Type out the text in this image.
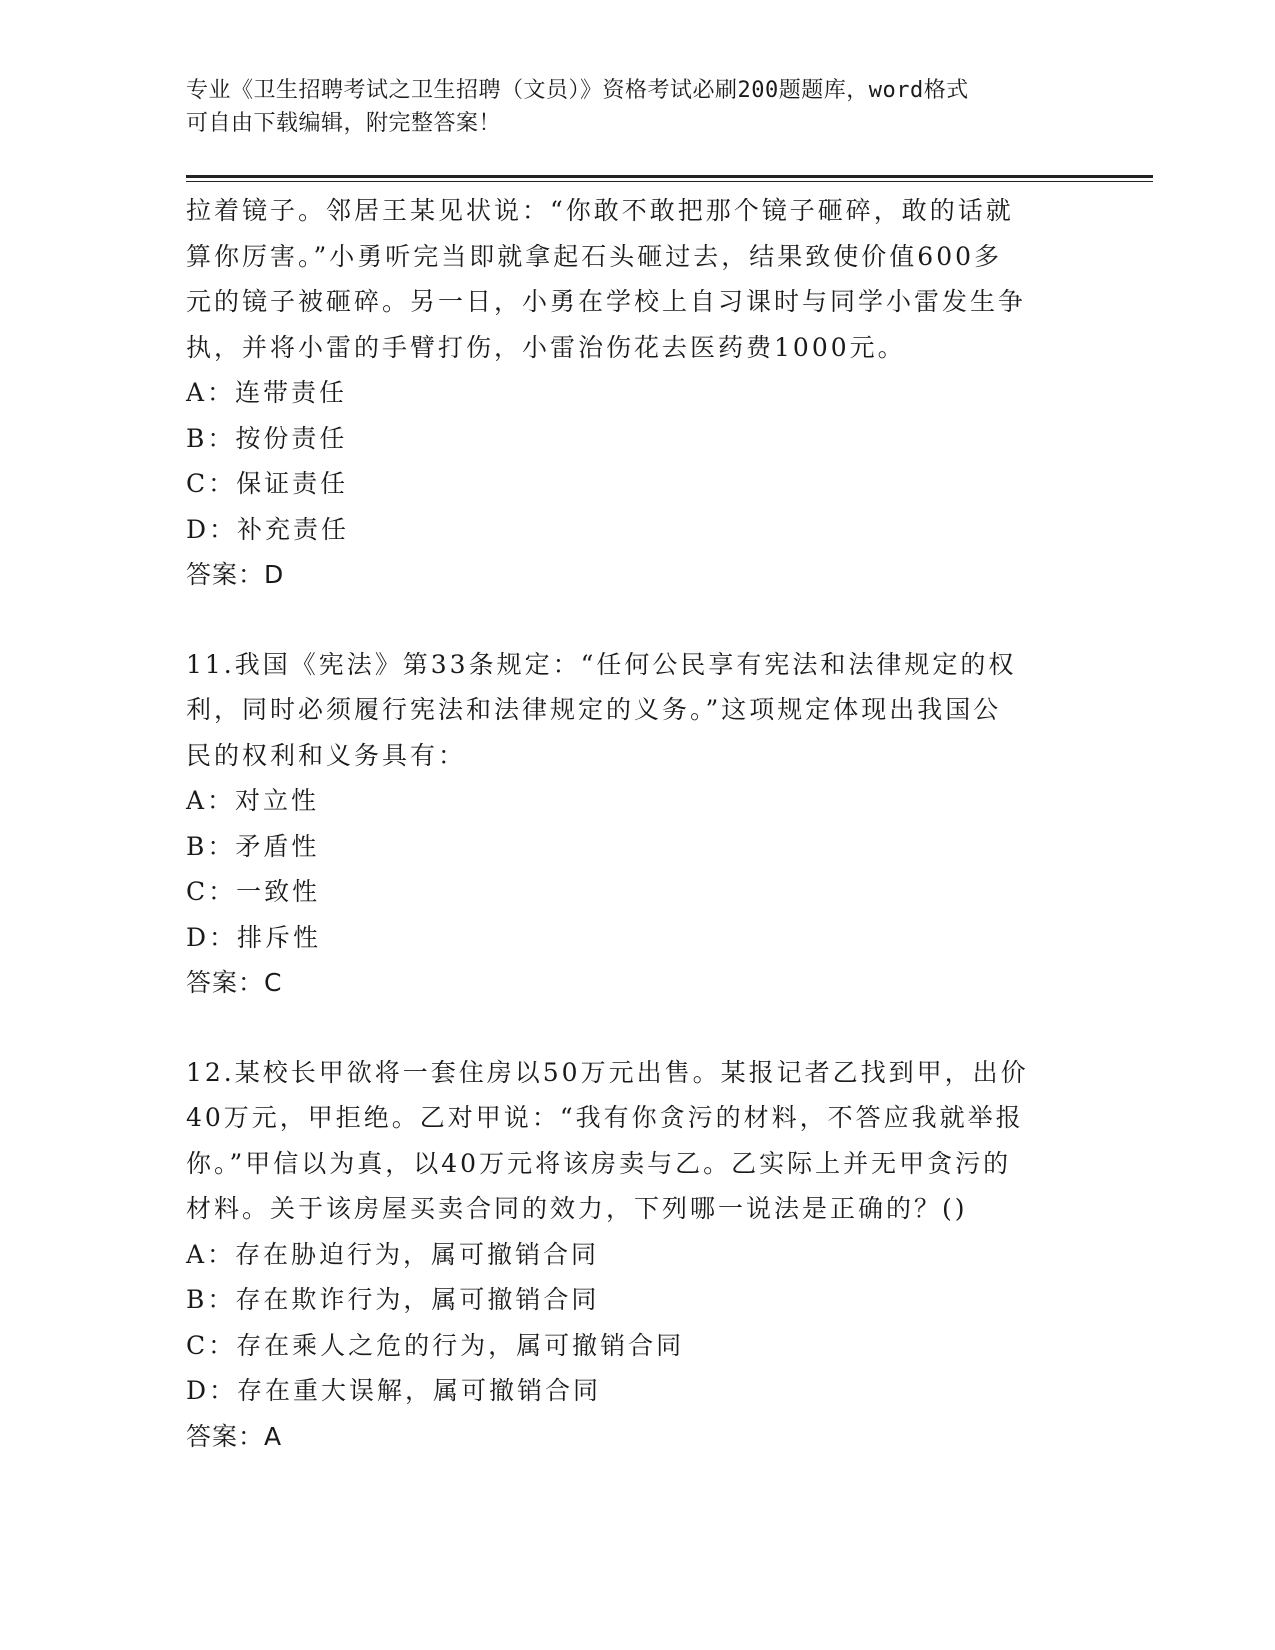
专业《卫生招聘考试之卫生招聘（文员）》资格考试必刷200题题库，word格式
可自由下载编辑，附完整答案！

拉着镜子。邻居王某见状说：“你敢不敢把那个镜子砸碎，敢的话就

算你厉害。”小勇听完当即就拿起石头砸过去，结果致使价值600多

元的镜子被砸碎。另一日，小勇在学校上自习课时与同学小雷发生争

执，并将小雷的手臂打伤，小雷治伤花去医药费1000元。

A：连带责任

B：按份责任

C：保证责任

D：补充责任

答案：D

11.我国《宪法》第33条规定：“任何公民享有宪法和法律规定的权

利，同时必须履行宪法和法律规定的义务。”这项规定体现出我国公

民的权利和义务具有：

A：对立性

B：矛盾性

C：一致性

D：排斥性

答案：C

12.某校长甲欲将一套住房以50万元出售。某报记者乙找到甲，出价

40万元，甲拒绝。乙对甲说：“我有你贪污的材料，不答应我就举报

你。”甲信以为真，以40万元将该房卖与乙。乙实际上并无甲贪污的

材料。关于该房屋买卖合同的效力，下列哪一说法是正确的？()

A：存在胁迫行为，属可撤销合同

B：存在欺诈行为，属可撤销合同

C：存在乘人之危的行为，属可撤销合同

D：存在重大误解，属可撤销合同

答案：A
